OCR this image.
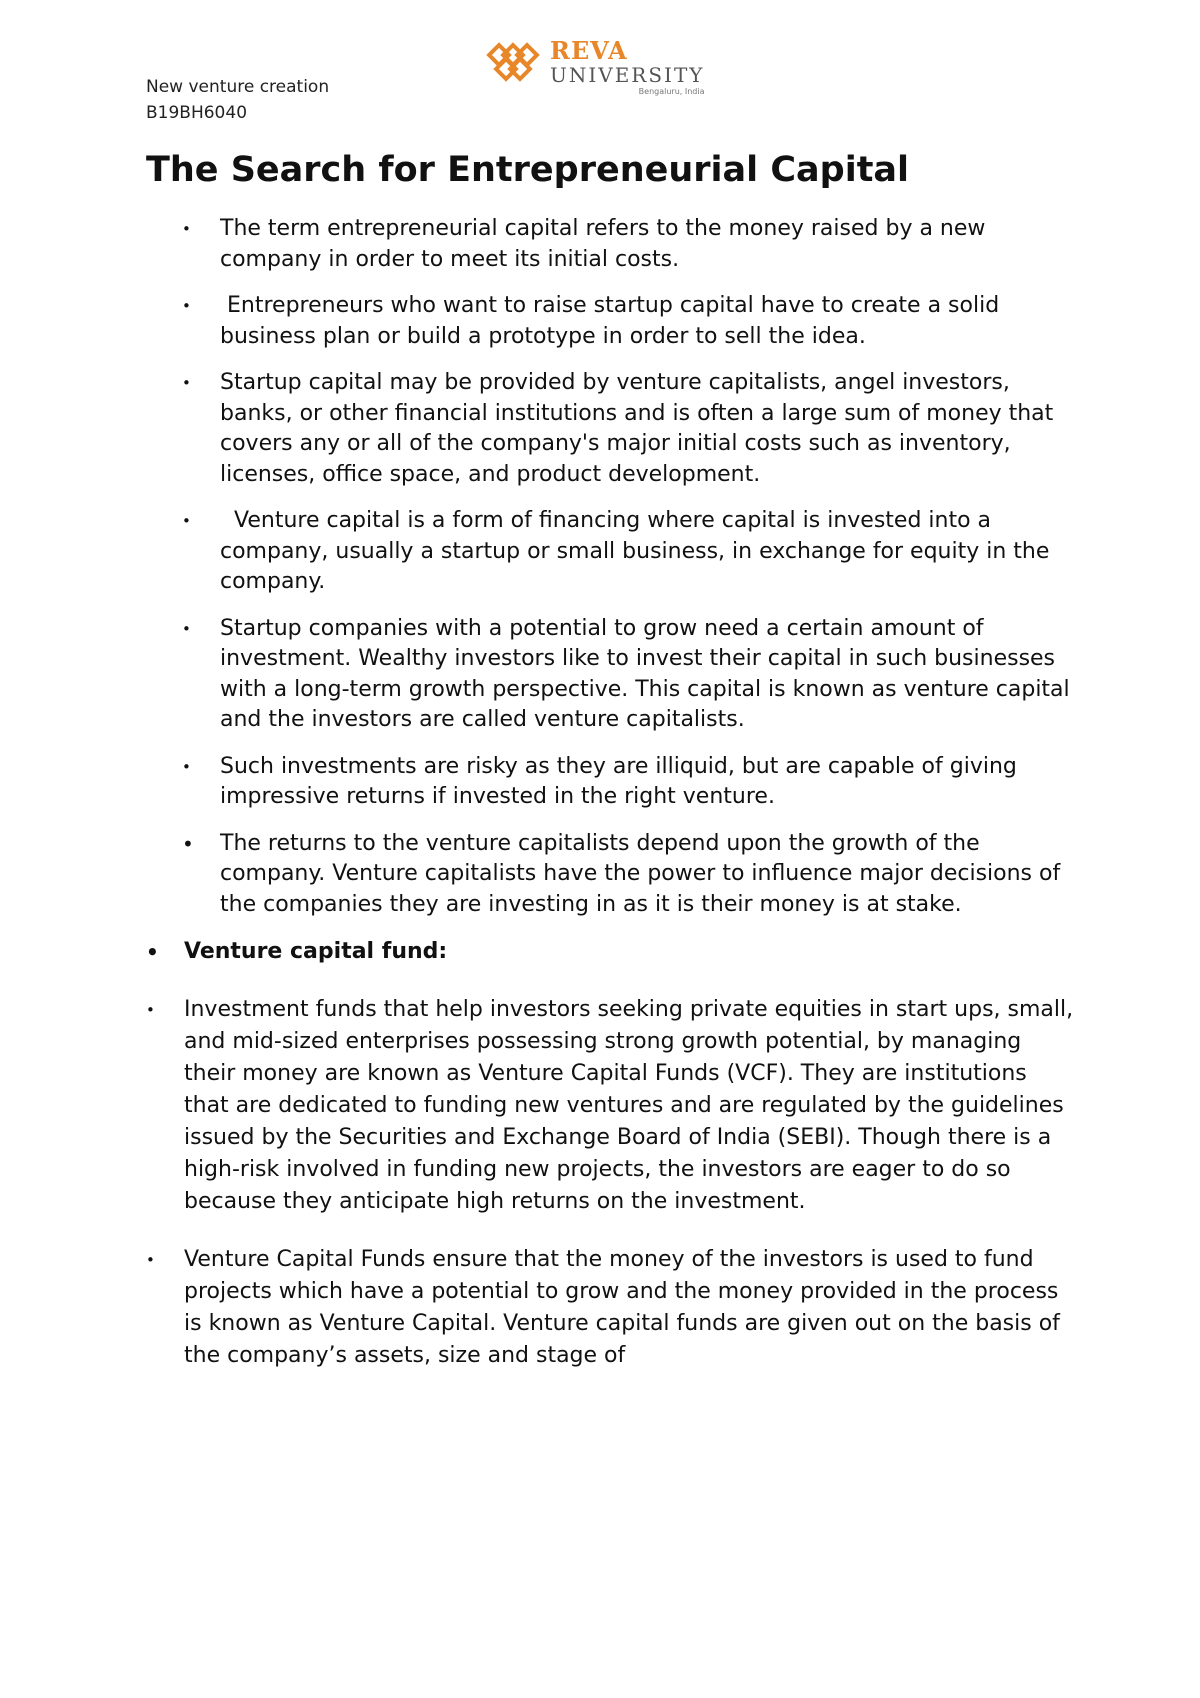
New venture creation
B19BH6040
REVA
UNIVERSITY
Bengaluru, India
The Search for Entrepreneurial Capital
• The term entrepreneurial capital refers to the money raised by a new company in order to meet its initial costs.
• Entrepreneurs who want to raise startup capital have to create a solid business plan or build a prototype in order to sell the idea.
• Startup capital may be provided by venture capitalists, angel investors, banks, or other financial institutions and is often a large sum of money that covers any or all of the company's major initial costs such as inventory, licenses, office space, and product development.
• Venture capital is a form of financing where capital is invested into a company, usually a startup or small business, in exchange for equity in the company.
• Startup companies with a potential to grow need a certain amount of investment. Wealthy investors like to invest their capital in such businesses with a long-term growth perspective. This capital is known as venture capital and the investors are called venture capitalists.
• Such investments are risky as they are illiquid, but are capable of giving impressive returns if invested in the right venture.
• The returns to the venture capitalists depend upon the growth of the company. Venture capitalists have the power to influence major decisions of the companies they are investing in as it is their money is at stake.
• Venture capital fund:
• Investment funds that help investors seeking private equities in start ups, small, and mid-sized enterprises possessing strong growth potential, by managing their money are known as Venture Capital Funds (VCF). They are institutions that are dedicated to funding new ventures and are regulated by the guidelines issued by the Securities and Exchange Board of India (SEBI). Though there is a high-risk involved in funding new projects, the investors are eager to do so because they anticipate high returns on the investment.
• Venture Capital Funds ensure that the money of the investors is used to fund projects which have a potential to grow and the money provided in the process is known as Venture Capital. Venture capital funds are given out on the basis of the company’s assets, size and stage of
